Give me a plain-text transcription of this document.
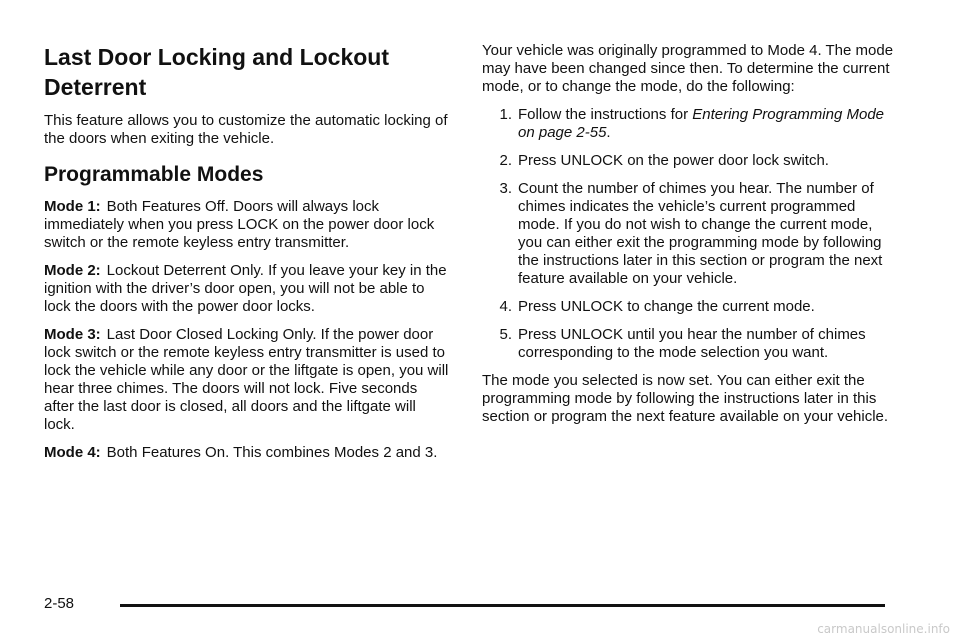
Last Door Locking and Lockout Deterrent

This feature allows you to customize the automatic locking of the doors when exiting the vehicle.

Programmable Modes

Mode 1: Both Features Off. Doors will always lock immediately when you press LOCK on the power door lock switch or the remote keyless entry transmitter.

Mode 2: Lockout Deterrent Only. If you leave your key in the ignition with the driver’s door open, you will not be able to lock the doors with the power door locks.

Mode 3: Last Door Closed Locking Only. If the power door lock switch or the remote keyless entry transmitter is used to lock the vehicle while any door or the liftgate is open, you will hear three chimes. The doors will not lock. Five seconds after the last door is closed, all doors and the liftgate will lock.

Mode 4: Both Features On. This combines Modes 2 and 3.

Your vehicle was originally programmed to Mode 4. The mode may have been changed since then. To determine the current mode, or to change the mode, do the following:

1. Follow the instructions for Entering Programming Mode on page 2-55.
2. Press UNLOCK on the power door lock switch.
3. Count the number of chimes you hear. The number of chimes indicates the vehicle’s current programmed mode. If you do not wish to change the current mode, you can either exit the programming mode by following the instructions later in this section or program the next feature available on your vehicle.
4. Press UNLOCK to change the current mode.
5. Press UNLOCK until you hear the number of chimes corresponding to the mode selection you want.

The mode you selected is now set. You can either exit the programming mode by following the instructions later in this section or program the next feature available on your vehicle.

2-58
carmanualsonline.info
